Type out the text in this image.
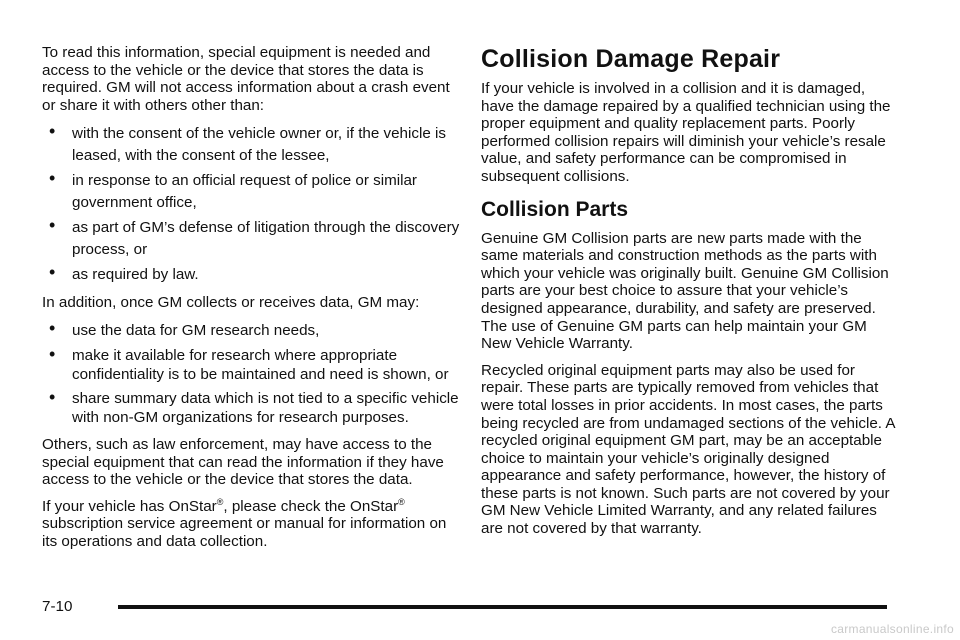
To read this information, special equipment is needed and access to the vehicle or the device that stores the data is required. GM will not access information about a crash event or share it with others other than:

• with the consent of the vehicle owner or, if the vehicle is leased, with the consent of the lessee,
• in response to an official request of police or similar government office,
• as part of GM’s defense of litigation through the discovery process, or
• as required by law.

In addition, once GM collects or receives data, GM may:

• use the data for GM research needs,
• make it available for research where appropriate confidentiality is to be maintained and need is shown, or
• share summary data which is not tied to a specific vehicle with non-GM organizations for research purposes.

Others, such as law enforcement, may have access to the special equipment that can read the information if they have access to the vehicle or the device that stores the data.

If your vehicle has OnStar®, please check the OnStar® subscription service agreement or manual for information on its operations and data collection.

Collision Damage Repair

If your vehicle is involved in a collision and it is damaged, have the damage repaired by a qualified technician using the proper equipment and quality replacement parts. Poorly performed collision repairs will diminish your vehicle’s resale value, and safety performance can be compromised in subsequent collisions.

Collision Parts

Genuine GM Collision parts are new parts made with the same materials and construction methods as the parts with which your vehicle was originally built. Genuine GM Collision parts are your best choice to assure that your vehicle’s designed appearance, durability, and safety are preserved. The use of Genuine GM parts can help maintain your GM New Vehicle Warranty.

Recycled original equipment parts may also be used for repair. These parts are typically removed from vehicles that were total losses in prior accidents. In most cases, the parts being recycled are from undamaged sections of the vehicle. A recycled original equipment GM part, may be an acceptable choice to maintain your vehicle’s originally designed appearance and safety performance, however, the history of these parts is not known. Such parts are not covered by your GM New Vehicle Limited Warranty, and any related failures are not covered by that warranty.

7-10
carmanualsonline.info
